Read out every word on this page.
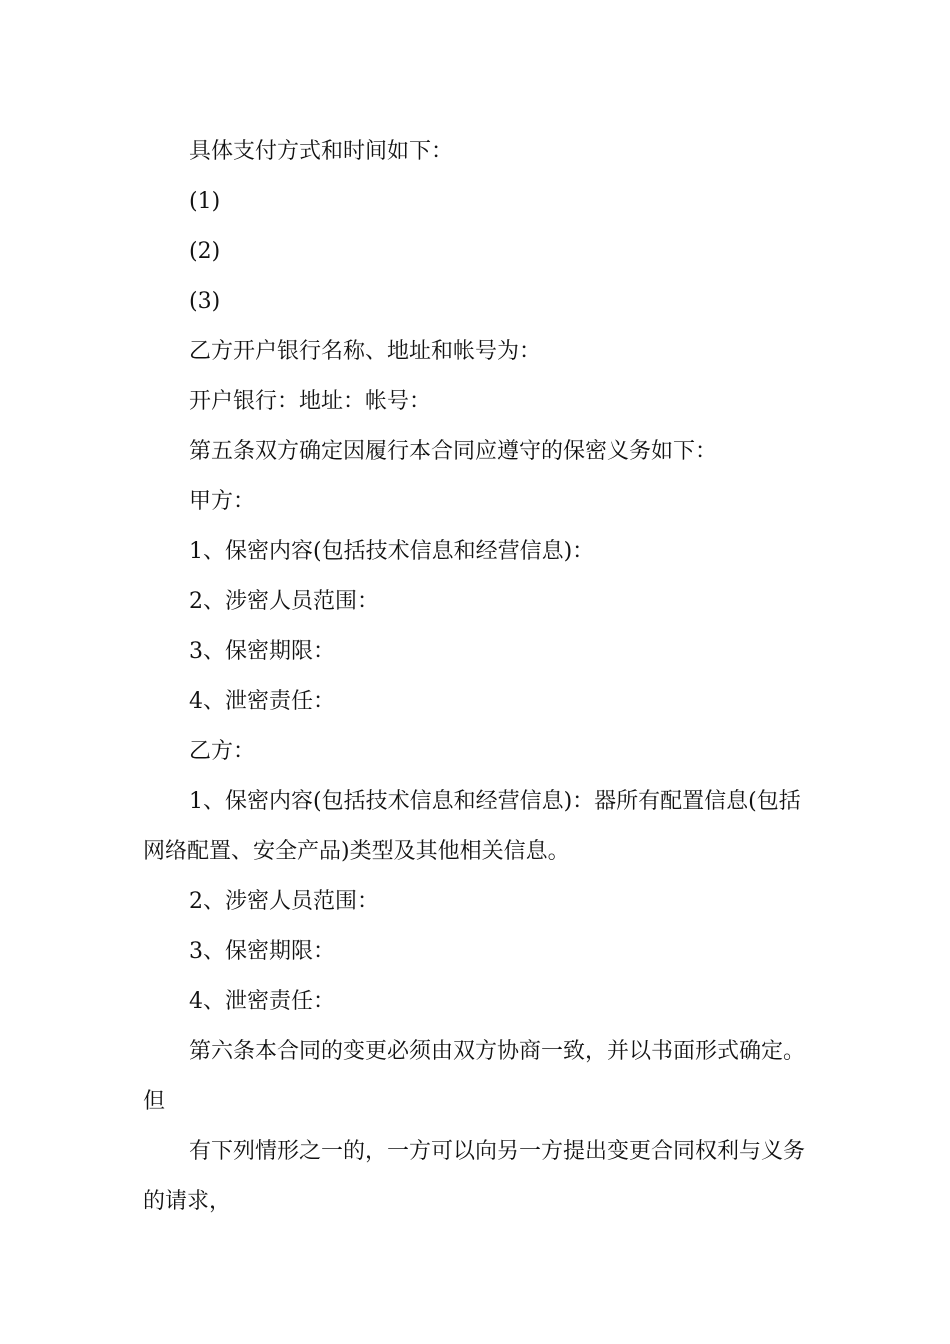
具体支付方式和时间如下：

(1)

(2)

(3)

乙方开户银行名称、地址和帐号为：

开户银行：地址：帐号：

第五条双方确定因履行本合同应遵守的保密义务如下：

甲方：

1、保密内容(包括技术信息和经营信息)：

2、涉密人员范围：

3、保密期限：

4、泄密责任：

乙方：

1、保密内容(包括技术信息和经营信息)：器所有配置信息(包括网络配置、安全产品)类型及其他相关信息。

2、涉密人员范围：

3、保密期限：

4、泄密责任：

第六条本合同的变更必须由双方协商一致，并以书面形式确定。但

有下列情形之一的，一方可以向另一方提出变更合同权利与义务的请求，
